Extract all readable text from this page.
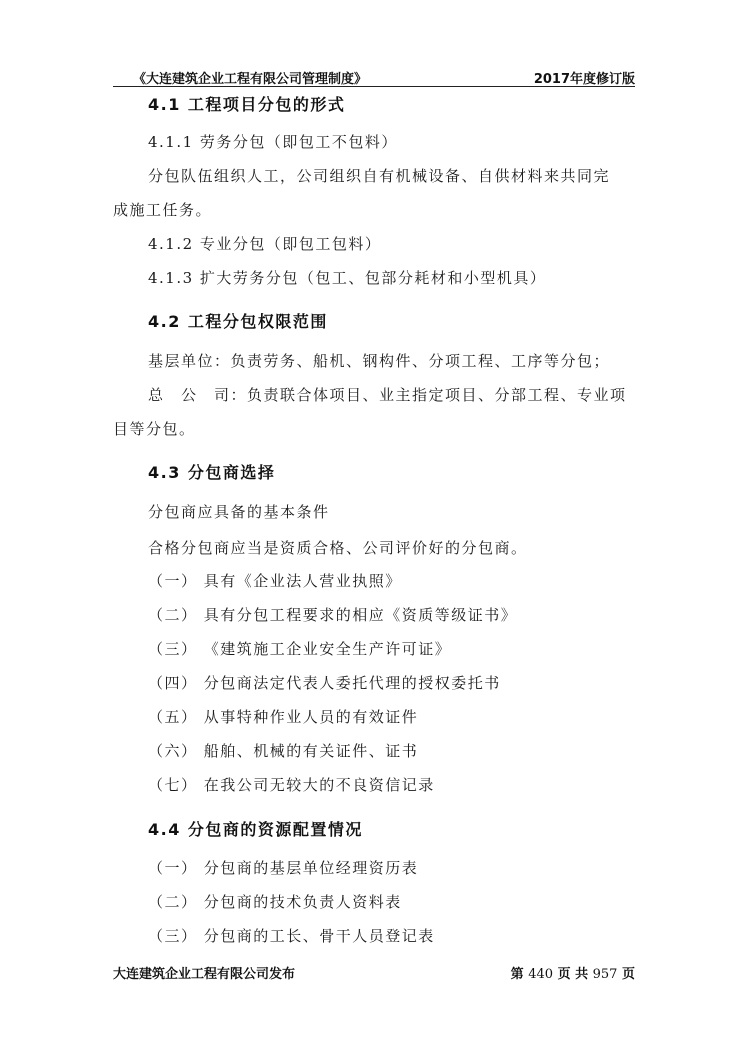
《大连建筑企业工程有限公司管理制度》	2017年度修订版
4.1 工程项目分包的形式
4.1.1 劳务分包（即包工不包料）
分包队伍组织人工，公司组织自有机械设备、自供材料来共同完
成施工任务。
4.1.2 专业分包（即包工包料）
4.1.3 扩大劳务分包（包工、包部分耗材和小型机具）
4.2 工程分包权限范围
基层单位：负责劳务、船机、钢构件、分项工程、工序等分包；
总　公　司：负责联合体项目、业主指定项目、分部工程、专业项
目等分包。
4.3 分包商选择
分包商应具备的基本条件
合格分包商应当是资质合格、公司评价好的分包商。
（一） 具有《企业法人营业执照》
（二） 具有分包工程要求的相应《资质等级证书》
（三） 《建筑施工企业安全生产许可证》
（四） 分包商法定代表人委托代理的授权委托书
（五） 从事特种作业人员的有效证件
（六） 船舶、机械的有关证件、证书
（七） 在我公司无较大的不良资信记录
4.4 分包商的资源配置情况
（一） 分包商的基层单位经理资历表
（二） 分包商的技术负责人资料表
（三） 分包商的工长、骨干人员登记表
大连建筑企业工程有限公司发布	第 440 页 共 957 页
